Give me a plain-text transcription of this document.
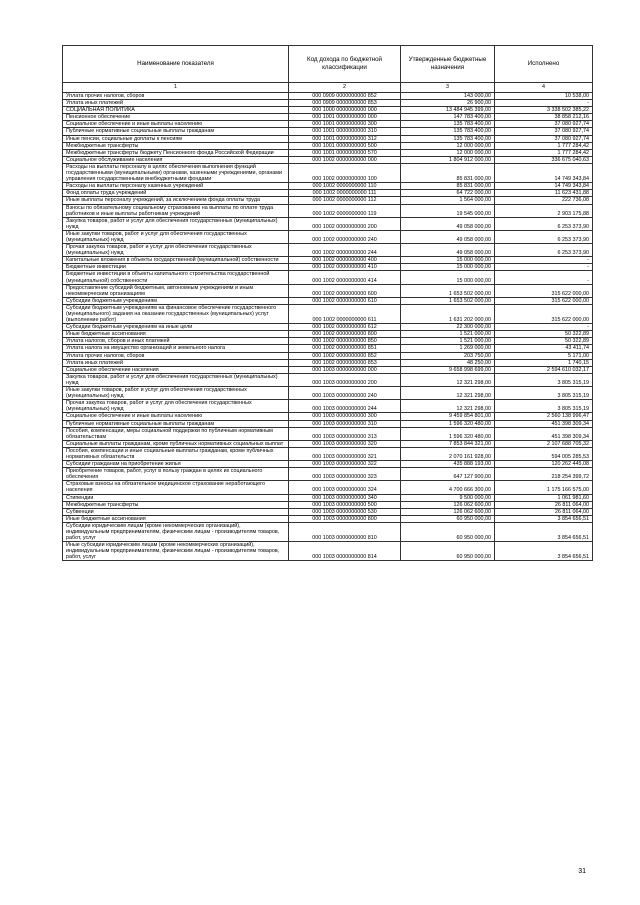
Наименование показателя	Код дохода по бюджетной классификации	Утвержденные бюджетные назначения	Исполнено
1	2	3	4
Уплата прочих налогов, сборов	000 0909 0000000000 852	143 000,00	10 538,00
Уплата иных платежей	000 0909 0000000000 853	26 900,00	-
СОЦИАЛЬНАЯ ПОЛИТИКА	000 1000 0000000000 000	13 484 945 399,00	3 338 502 385,22
Пенсионное обеспечение	000 1001 0000000000 000	147 783 400,00	38 858 212,16
Социальное обеспечение и иные выплаты населению	000 1001 0000000000 300	135 783 400,00	37 080 927,74
Публичные нормативные социальные выплаты гражданам	000 1001 0000000000 310	135 783 400,00	37 080 927,74
Иные пенсии, социальные доплаты к пенсиям	000 1001 0000000000 312	135 783 400,00	37 080 927,74
Межбюджетные трансферты	000 1001 0000000000 500	12 000 000,00	1 777 284,42
Межбюджетные трансферты бюджету Пенсионного фонда Российской Федерации	000 1001 0000000000 570	12 000 000,00	1 777 284,42
Социальное обслуживание населения	000 1002 0000000000 000	1 804 912 000,00	336 675 040,63
Расходы на выплаты персоналу в целях обеспечения выполнения функций государственными (муниципальными) органами, казенными учреждениями, органами управления государственными внебюджетными фондами	000 1002 0000000000 100	85 831 000,00	14 749 343,84
Расходы на выплаты персоналу казенных учреждений	000 1002 0000000000 110	85 831 000,00	14 749 343,84
Фонд оплаты труда учреждений	000 1002 0000000000 111	64 722 000,00	11 623 431,88
Иные выплаты персоналу учреждений, за исключением фонда оплаты труда	000 1002 0000000000 112	1 564 000,00	222 736,08
Взносы по обязательному социальному страхованию на выплаты по оплате труда работников и иные выплаты работникам учреждений	000 1002 0000000000 119	19 545 000,00	2 903 175,88
Закупка товаров, работ и услуг для обеспечения государственных (муниципальных) нужд	000 1002 0000000000 200	49 058 000,00	6 253 373,90
Иные закупки товаров, работ и услуг для обеспечения государственных (муниципальных) нужд	000 1002 0000000000 240	49 058 000,00	6 253 373,90
Прочая закупка товаров, работ и услуг для обеспечения государственных (муниципальных) нужд	000 1002 0000000000 244	49 058 000,00	6 253 373,90
Капитальные вложения в объекты государственной (муниципальной) собственности	000 1002 0000000000 400	15 000 000,00	-
Бюджетные инвестиции	000 1002 0000000000 410	15 000 000,00	-
Бюджетные инвестиции в объекты капитального строительства государственной (муниципальной) собственности	000 1002 0000000000 414	15 000 000,00	-
Предоставление субсидий бюджетным, автономным учреждениям и иным некоммерческим организациям	000 1002 0000000000 600	1 653 502 000,00	315 622 000,00
Субсидии бюджетным учреждениям	000 1002 0000000000 610	1 653 502 000,00	315 622 000,00
Субсидии бюджетным учреждениям на финансовое обеспечение государственного (муниципального) задания на оказание государственных (муниципальных) услуг (выполнение работ)	000 1002 0000000000 611	1 631 202 000,00	315 622 000,00
Субсидии бюджетным учреждениям на иные цели	000 1002 0000000000 612	22 300 000,00	-
Иные бюджетные ассигнования	000 1002 0000000000 800	1 521 000,00	50 322,89
Уплата налогов, сборов и иных платежей	000 1002 0000000000 850	1 521 000,00	50 322,89
Уплата налога на имущество организаций и земельного налога	000 1002 0000000000 851	1 269 000,00	43 411,74
Уплата прочих налогов, сборов	000 1002 0000000000 852	203 750,00	5 171,00
Уплата иных платежей	000 1002 0000000000 853	48 250,00	1 740,15
Социальное обеспечение населения	000 1003 0000000000 000	9 658 998 699,00	2 594 610 032,17
Закупка товаров, работ и услуг для обеспечения государственных (муниципальных) нужд	000 1003 0000000000 200	12 321 298,00	3 805 315,19
Иные закупки товаров, работ и услуг для обеспечения государственных (муниципальных) нужд	000 1003 0000000000 240	12 321 298,00	3 805 315,19
Прочая закупка товаров, работ и услуг для обеспечения государственных (муниципальных) нужд	000 1003 0000000000 244	12 321 298,00	3 805 315,19
Социальное обеспечение и иные выплаты населению	000 1003 0000000000 300	9 459 854 801,00	2 560 138 996,47
Публичные нормативные социальные выплаты гражданам	000 1003 0000000000 310	1 596 320 480,00	451 398 309,34
Пособия, компенсации, меры социальной поддержки по публичным нормативным обязательствам	000 1003 0000000000 313	1 596 320 480,00	451 398 309,34
Социальные выплаты гражданам, кроме публичных нормативных социальных выплат	000 1003 0000000000 320	7 853 844 321,00	2 107 688 705,32
Пособия, компенсации и иные социальные выплаты гражданам, кроме публичных нормативных обязательств	000 1003 0000000000 321	2 070 161 928,00	594 005 285,53
Субсидии гражданам на приобретение жилья	000 1003 0000000000 322	435 888 193,00	120 262 445,08
Приобретение товаров, работ, услуг в пользу граждан в целях их социального обеспечения	000 1003 0000000000 323	647 127 900,00	218 254 399,72
Страховые взносы на обязательное медицинское страхование неработающего населения	000 1003 0000000000 324	4 700 666 300,00	1 175 166 575,00
Стипендии	000 1003 0000000000 340	9 500 000,00	1 061 981,60
Межбюджетные трансферты	000 1003 0000000000 500	126 062 600,00	26 811 064,00
Субвенции	000 1003 0000000000 530	126 062 600,00	26 811 064,00
Иные бюджетные ассигнования	000 1003 0000000000 800	60 950 000,00	3 854 656,51
Субсидии юридическим лицам (кроме некоммерческих организаций), индивидуальным предпринимателям, физическим лицам - производителям товаров, работ, услуг	000 1003 0000000000 810	60 950 000,00	3 854 656,51
Иные субсидии юридическим лицам (кроме некоммерческих организаций), индивидуальным предпринимателям, физическим лицам - производителям товаров, работ, услуг	000 1003 0000000000 814	60 950 000,00	3 854 656,51
31
